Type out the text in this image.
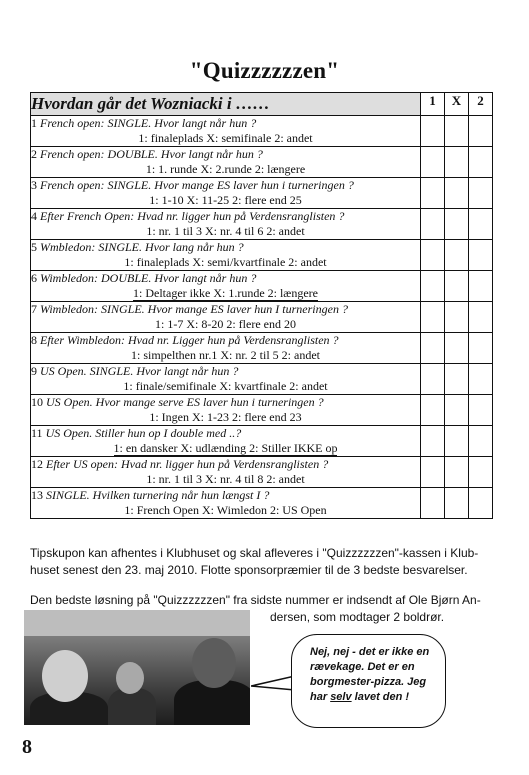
"Quizzzzzzen"
Hvordan går det Wozniacki i ……	1	X	2

1 French open: SINGLE. Hvor langt når hun ?
1: finaleplads X: semifinale 2: andet			

2 French open: DOUBLE. Hvor langt når hun ?
1: 1. runde X: 2.runde 2: længere			

3 French open: SINGLE. Hvor mange ES laver hun i turneringen ?
1: 1-10 X: 11-25 2: flere end 25			

4 Efter French Open: Hvad nr. ligger hun på Verdensranglisten ?
1: nr. 1 til 3 X: nr. 4 til 6 2: andet			

5 Wmbledon: SINGLE. Hvor lang når hun ?
1: finaleplads X: semi/kvartfinale 2: andet			

6 Wimbledon: DOUBLE. Hvor langt når hun ?
1: Deltager ikke X: 1.runde 2: længere			

7 Wimbledon: SINGLE. Hvor mange ES laver hun I turneringen ?
1: 1-7 X: 8-20 2: flere end 20			

8 Efter Wimbledon: Hvad nr. Ligger hun på Verdensranglisten ?
1: simpelthen nr.1 X: nr. 2 til 5 2: andet			

9 US Open. SINGLE. Hvor langt når hun ?
1: finale/semifinale X: kvartfinale 2: andet			

10 US Open. Hvor mange serve ES laver hun i turneringen ?
1: Ingen X: 1-23 2: flere end 23			

11 US Open. Stiller hun op I double med ..?
1: en dansker X: udlænding 2: Stiller IKKE op			

12 Efter US open: Hvad nr. ligger hun på Verdensranglisten ?
1: nr. 1 til 3 X: nr. 4 til 8 2: andet			

13 SINGLE. Hvilken turnering når hun længst I ?
1: French Open X: Wimledon 2: US Open			

Tipskupon kan afhentes i Klubhuset og skal afleveres i "Quizzzzzzen"-kassen i Klub-huset senest den 23. maj 2010. Flotte sponsorpræmier til de 3 bedste besvarelser.
Den bedste løsning på "Quizzzzzzen" fra sidste nummer er indsendt af Ole Bjørn An-
dersen, som modtager 2 boldrør.
Nej, nej - det er ikke en
rævekage. Det er en
borgmester-pizza. Jeg
har selv lavet den !
8
